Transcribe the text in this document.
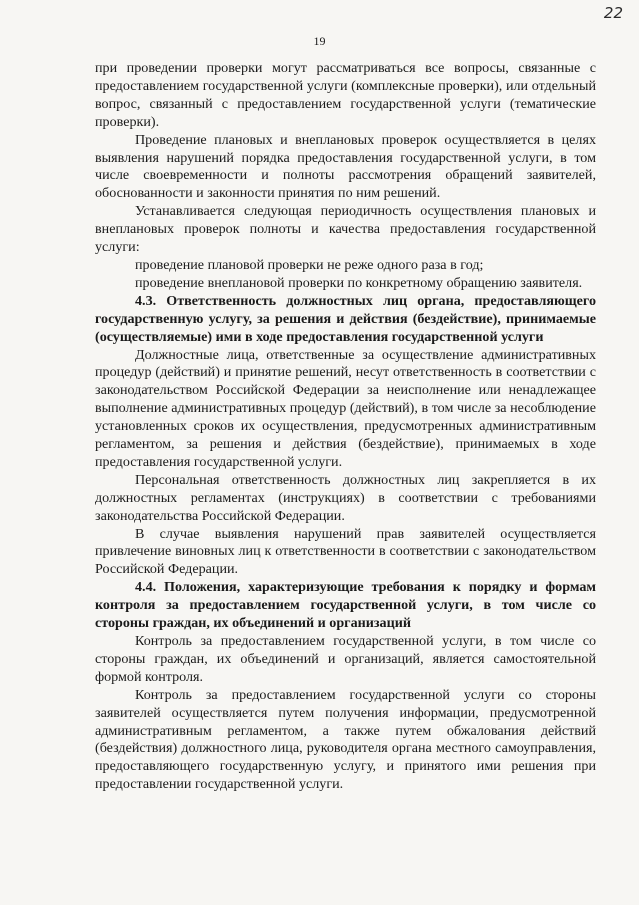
22
19

при проведении проверки могут рассматриваться все вопросы, связанные с предоставлением государственной услуги (комплексные проверки), или отдельный вопрос, связанный с предоставлением государственной услуги (тематические проверки).

Проведение плановых и внеплановых проверок осуществляется в целях выявления нарушений порядка предоставления государственной услуги, в том числе своевременности и полноты рассмотрения обращений заявителей, обоснованности и законности принятия по ним решений.

Устанавливается следующая периодичность осуществления плановых и внеплановых проверок полноты и качества предоставления государственной услуги:

проведение плановой проверки не реже одного раза в год;

проведение внеплановой проверки по конкретному обращению заявителя.

4.3. Ответственность должностных лиц органа, предоставляющего государственную услугу, за решения и действия (бездействие), принимаемые (осуществляемые) ими в ходе предоставления государственной услуги

Должностные лица, ответственные за осуществление административных процедур (действий) и принятие решений, несут ответственность в соответствии с законодательством Российской Федерации за неисполнение или ненадлежащее выполнение административных процедур (действий), в том числе за несоблюдение установленных сроков их осуществления, предусмотренных административным регламентом, за решения и действия (бездействие), принимаемых в ходе предоставления государственной услуги.

Персональная ответственность должностных лиц закрепляется в их должностных регламентах (инструкциях) в соответствии с требованиями законодательства Российской Федерации.

В случае выявления нарушений прав заявителей осуществляется привлечение виновных лиц к ответственности в соответствии с законодательством Российской Федерации.

4.4. Положения, характеризующие требования к порядку и формам контроля за предоставлением государственной услуги, в том числе со стороны граждан, их объединений и организаций

Контроль за предоставлением государственной услуги, в том числе со стороны граждан, их объединений и организаций, является самостоятельной формой контроля.

Контроль за предоставлением государственной услуги со стороны заявителей осуществляется путем получения информации, предусмотренной административным регламентом, а также путем обжалования действий (бездействия) должностного лица, руководителя органа местного самоуправления, предоставляющего государственную услугу, и принятого ими решения при предоставлении государственной услуги.
